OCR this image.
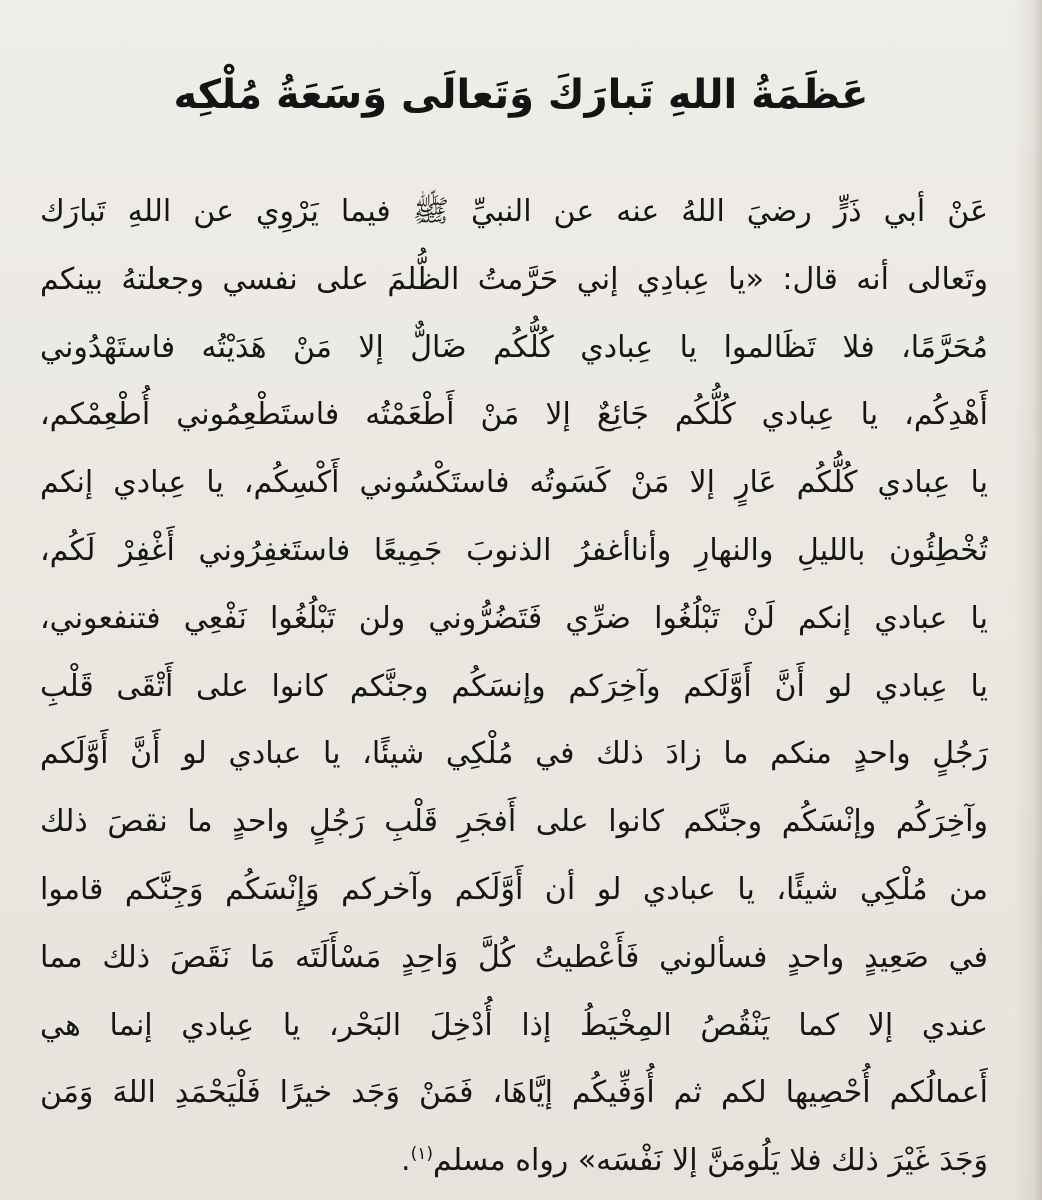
عَظَمَةُ اللهِ تَبارَكَ وَتَعالَى وَسَعَةُ مُلْكِه
عَنْ أبي ذَرٍّ رضيَ اللهُ عنه عن النبيِّ ﷺ فيما يَرْوِي عن اللهِ تَبارَك
وتَعالى أنه قال: «يا عِبادِي إني حَرَّمتُ الظُّلمَ على نفسي وجعلتهُ بينكم
مُحَرَّمًا، فلا تَظَالموا يا عِبادي كُلُّكُم ضَالٌّ إلا مَنْ هَدَيْتُه فاستَهْدُوني
أَهْدِكُم، يا عِبادي كُلُّكُم جَائِعٌ إلا مَنْ أَطْعَمْتُه فاستَطْعِمُوني أُطْعِمْكم،
يا عِبادي كُلُّكُم عَارٍ إلا مَنْ كَسَوتُه فاستَكْسُوني أَكْسِكُم، يا عِبادي إنكم
تُخْطِئُون بالليلِ والنهارِ وأناأغفرُ الذنوبَ جَمِيعًا فاستَغفِرُوني أَغْفِرْ لَكُم،
يا عبادي إنكم لَنْ تَبْلُغُوا ضرِّي فَتَضُرُّوني ولن تَبْلُغُوا نَفْعِي فتنفعوني،
يا عِبادي لو أَنَّ أَوَّلَكم وآخِرَكم وإنسَكُم وجنَّكم كانوا على أَتْقَى قَلْبِ
رَجُلٍ واحدٍ منكم ما زادَ ذلك في مُلْكِي شيئًا، يا عبادي لو أَنَّ أَوَّلَكم
وآخِرَكُم وإنْسَكُم وجنَّكم كانوا على أَفجَرِ قَلْبِ رَجُلٍ واحدٍ ما نقصَ ذلك
من مُلْكِي شيئًا، يا عبادي لو أن أَوَّلَكم وآخركم وَإِنْسَكُم وَجِنَّكم قاموا
في صَعِيدٍ واحدٍ فسألوني فَأَعْطيتُ كُلَّ وَاحِدٍ مَسْأَلَتَه مَا نَقَصَ ذلك مما
عندي إلا كما يَنْقُصُ المِخْيَطُ إذا أُدْخِلَ البَحْر، يا عِبادي إنما هي
أَعمالُكم أُحْصِيها لكم ثم أُوَفِّيكُم إيَّاهَا، فَمَنْ وَجَد خيرًا فَلْيَحْمَدِ اللهَ وَمَن
وَجَدَ غَيْرَ ذلك فلا يَلُومَنَّ إلا نَفْسَه» رواه مسلم$^{(١)}$.
